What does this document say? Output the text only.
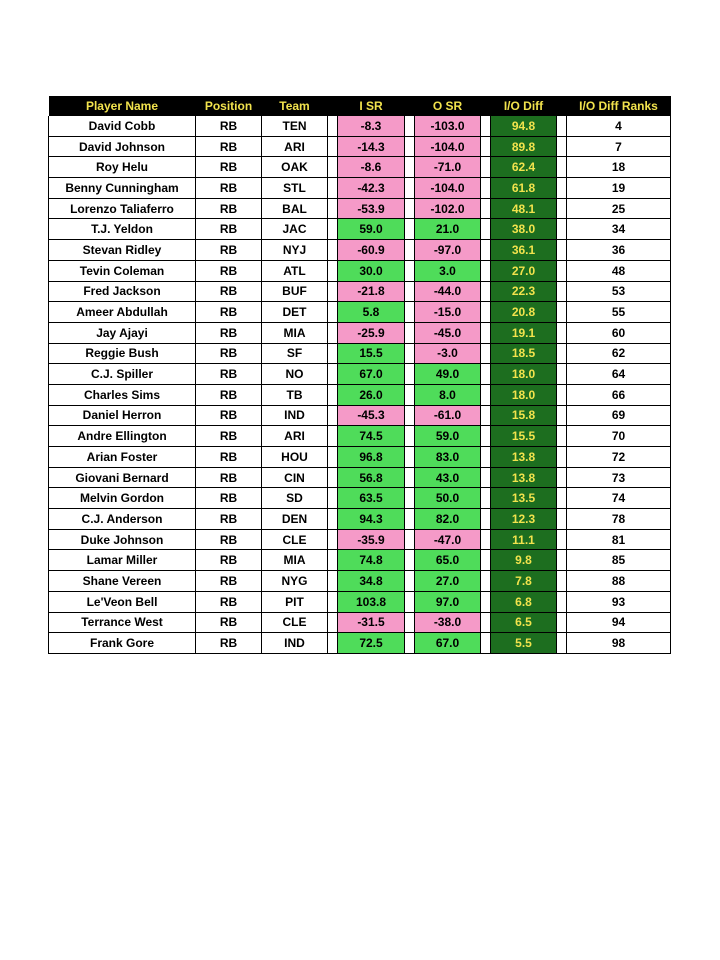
Player Name	Position	Team		I SR		O SR		I/O Diff		I/O Diff Ranks
David Cobb	RB	TEN		-8.3		-103.0		94.8		4
David Johnson	RB	ARI		-14.3		-104.0		89.8		7
Roy Helu	RB	OAK		-8.6		-71.0		62.4		18
Benny Cunningham	RB	STL		-42.3		-104.0		61.8		19
Lorenzo Taliaferro	RB	BAL		-53.9		-102.0		48.1		25
T.J. Yeldon	RB	JAC		59.0		21.0		38.0		34
Stevan Ridley	RB	NYJ		-60.9		-97.0		36.1		36
Tevin Coleman	RB	ATL		30.0		3.0		27.0		48
Fred Jackson	RB	BUF		-21.8		-44.0		22.3		53
Ameer Abdullah	RB	DET		5.8		-15.0		20.8		55
Jay Ajayi	RB	MIA		-25.9		-45.0		19.1		60
Reggie Bush	RB	SF		15.5		-3.0		18.5		62
C.J. Spiller	RB	NO		67.0		49.0		18.0		64
Charles Sims	RB	TB		26.0		8.0		18.0		66
Daniel Herron	RB	IND		-45.3		-61.0		15.8		69
Andre Ellington	RB	ARI		74.5		59.0		15.5		70
Arian Foster	RB	HOU		96.8		83.0		13.8		72
Giovani Bernard	RB	CIN		56.8		43.0		13.8		73
Melvin Gordon	RB	SD		63.5		50.0		13.5		74
C.J. Anderson	RB	DEN		94.3		82.0		12.3		78
Duke Johnson	RB	CLE		-35.9		-47.0		11.1		81
Lamar Miller	RB	MIA		74.8		65.0		9.8		85
Shane Vereen	RB	NYG		34.8		27.0		7.8		88
Le'Veon Bell	RB	PIT		103.8		97.0		6.8		93
Terrance West	RB	CLE		-31.5		-38.0		6.5		94
Frank Gore	RB	IND		72.5		67.0		5.5		98
